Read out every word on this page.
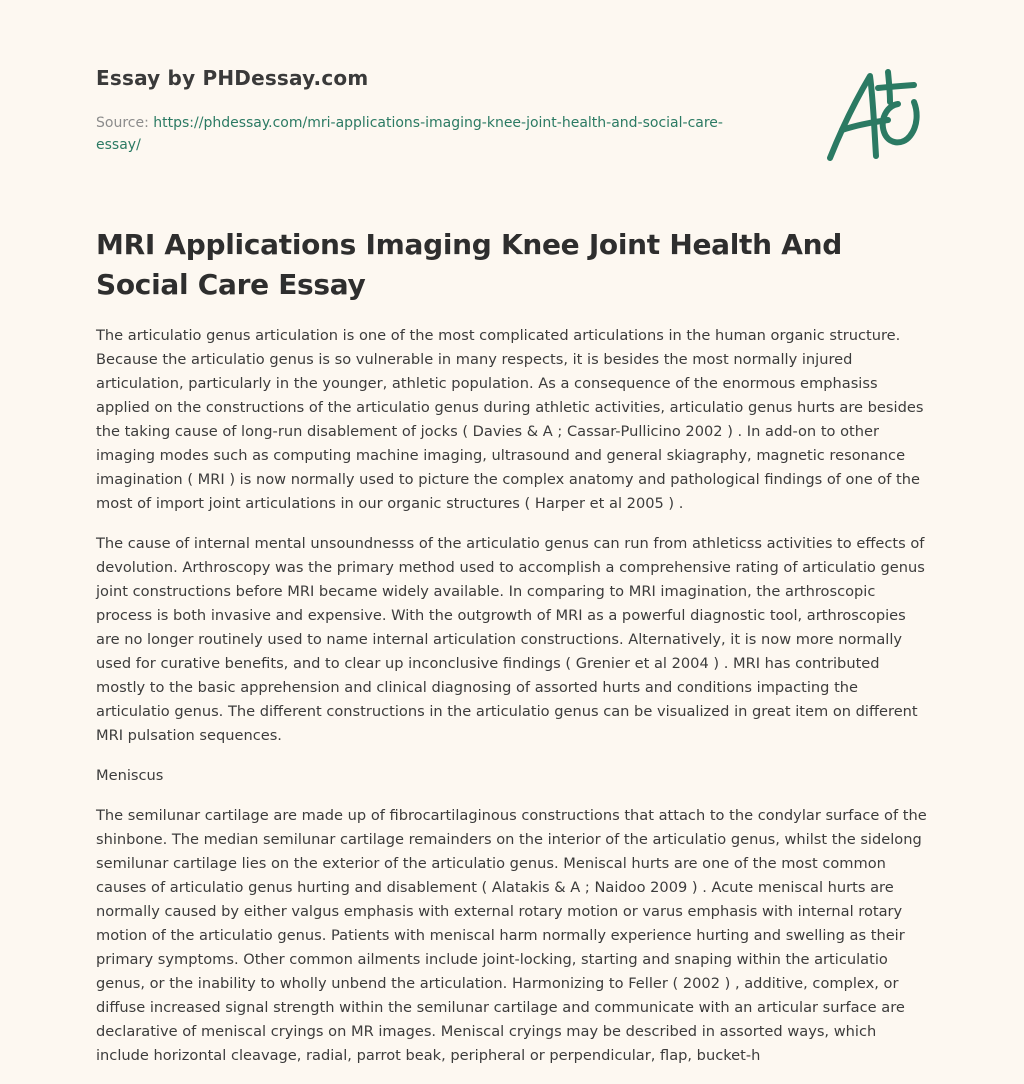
Essay by PHDessay.com
Source: https://phdessay.com/mri-applications-imaging-knee-joint-health-and-social-care-essay/
MRI Applications Imaging Knee Joint Health And Social Care Essay

The articulatio genus articulation is one of the most complicated articulations in the human organic structure. Because the articulatio genus is so vulnerable in many respects, it is besides the most normally injured articulation, particularly in the younger, athletic population. As a consequence of the enormous emphasiss applied on the constructions of the articulatio genus during athletic activities, articulatio genus hurts are besides the taking cause of long-run disablement of jocks ( Davies & A ; Cassar-Pullicino 2002 ) . In add-on to other imaging modes such as computing machine imaging, ultrasound and general skiagraphy, magnetic resonance imagination ( MRI ) is now normally used to picture the complex anatomy and pathological findings of one of the most of import joint articulations in our organic structures ( Harper et al 2005 ) .

The cause of internal mental unsoundnesss of the articulatio genus can run from athleticss activities to effects of devolution. Arthroscopy was the primary method used to accomplish a comprehensive rating of articulatio genus joint constructions before MRI became widely available. In comparing to MRI imagination, the arthroscopic process is both invasive and expensive. With the outgrowth of MRI as a powerful diagnostic tool, arthroscopies are no longer routinely used to name internal articulation constructions. Alternatively, it is now more normally used for curative benefits, and to clear up inconclusive findings ( Grenier et al 2004 ) . MRI has contributed mostly to the basic apprehension and clinical diagnosing of assorted hurts and conditions impacting the articulatio genus. The different constructions in the articulatio genus can be visualized in great item on different MRI pulsation sequences.

Meniscus

The semilunar cartilage are made up of fibrocartilaginous constructions that attach to the condylar surface of the shinbone. The median semilunar cartilage remainders on the interior of the articulatio genus, whilst the sidelong semilunar cartilage lies on the exterior of the articulatio genus. Meniscal hurts are one of the most common causes of articulatio genus hurting and disablement ( Alatakis & A ; Naidoo 2009 ) . Acute meniscal hurts are normally caused by either valgus emphasis with external rotary motion or varus emphasis with internal rotary motion of the articulatio genus. Patients with meniscal harm normally experience hurting and swelling as their primary symptoms. Other common ailments include joint-locking, starting and snaping within the articulatio genus, or the inability to wholly unbend the articulation. Harmonizing to Feller ( 2002 ) , additive, complex, or diffuse increased signal strength within the semilunar cartilage and communicate with an articular surface are declarative of meniscal cryings on MR images. Meniscal cryings may be described in assorted ways, which include horizontal cleavage, radial, parrot beak, peripheral or perpendicular, flap, bucket-h
